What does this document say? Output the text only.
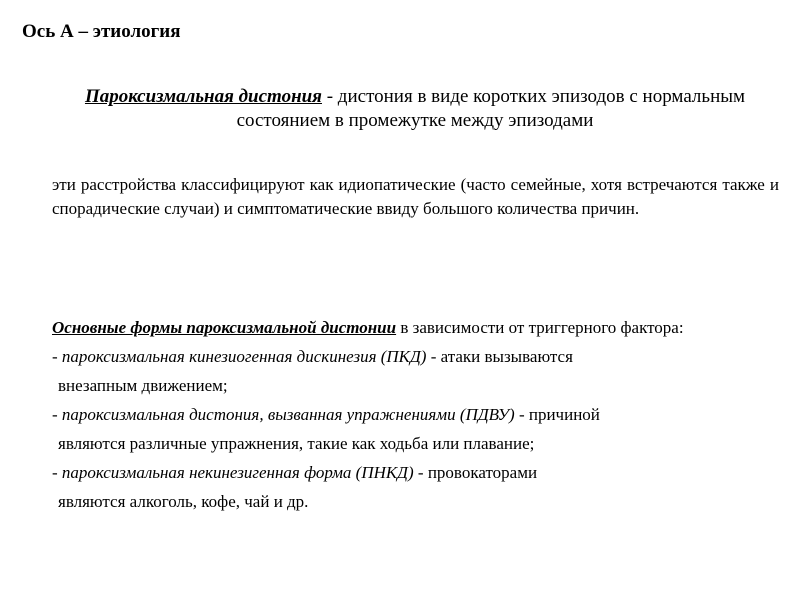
Ось А – этиология
Пароксизмальная дистония - дистония в виде коротких эпизодов с нормальным состоянием в промежутке между эпизодами

эти расстройства классифицируют как идиопатические (часто семейные, хотя встречаются также и спорадические случаи) и симптоматические ввиду большого количества причин.

Основные формы пароксизмальной дистонии в зависимости от триггерного фактора:

- пароксизмальная кинезиогенная дискинезия (ПКД) - атаки вызываются
внезапным движением;

- пароксизмальная дистония, вызванная упражнениями (ПДВУ) - причиной
являются различные упражнения, такие как ходьба или плавание;

- пароксизмальная некинезигенная форма (ПНКД) - провокаторами
являются алкоголь, кофе, чай и др.
